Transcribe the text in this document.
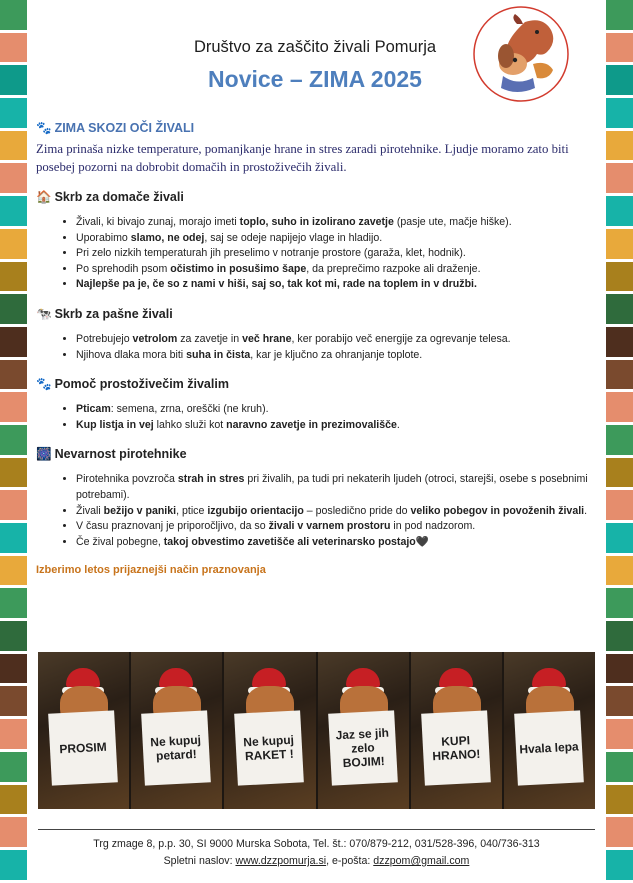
Društvo za zaščito živali Pomurja
Novice – ZIMA 2025
🐾 ZIMA SKOZI OČI ŽIVALI

Zima prinaša nizke temperature, pomanjkanje hrane in stres zaradi pirotehnike. Ljudje moramo zato biti posebej pozorni na dobrobit domačih in prostoživečih živali.

🏠 Skrb za domače živali
• Živali, ki bivajo zunaj, morajo imeti toplo, suho in izolirano zavetje (pasje ute, mačje hiške).
• Uporabimo slamo, ne odej, saj se odeje napijejo vlage in hladijo.
• Pri zelo nizkih temperaturah jih preselimo v notranje prostore (garaža, klet, hodnik).
• Po sprehodih psom očistimo in posušimo šape, da preprečimo razpoke ali draženje.
• Najlepše pa je, če so z nami v hiši, saj so, tak kot mi, rade na toplem in v družbi.
🐄 Skrb za pašne živali
• Potrebujejo vetrolom za zavetje in več hrane, ker porabijo več energije za ogrevanje telesa.
• Njihova dlaka mora biti suha in čista, kar je ključno za ohranjanje toplote.
🐾 Pomoč prostoživečim živalim
• Pticam: semena, zrna, oreščki (ne kruh).
• Kup listja in vej lahko služi kot naravno zavetje in prezimovališče.
🎆 Nevarnost pirotehnike
• Pirotehnika povzroča strah in stres pri živalih, pa tudi pri nekaterih ljudeh (otroci, starejši, osebe s posebnimi potrebami).
• Živali bežijo v paniki, ptice izgubijo orientacijo – posledično pride do veliko pobegov in povoženih živali.
• V času praznovanj je priporočljivo, da so živali v varnem prostoru in pod nadzorom.
• Če žival pobegne, takoj obvestimo zavetišče ali veterinarsko postajo🖤
Izberimo letos prijaznejši način praznovanja
PROSIM	Ne kupuj petard!
Ne kupuj RAKET !
Jaz se jih zelo BOJIM!
KUPI HRANO!	Hvala lepa
Trg zmage 8, p.p. 30, SI 9000 Murska Sobota, Tel. št.: 070/879-212, 031/528-396, 040/736-313
Spletni naslov: www.dzzpomurja.si, e-pošta: dzzpom@gmail.com
